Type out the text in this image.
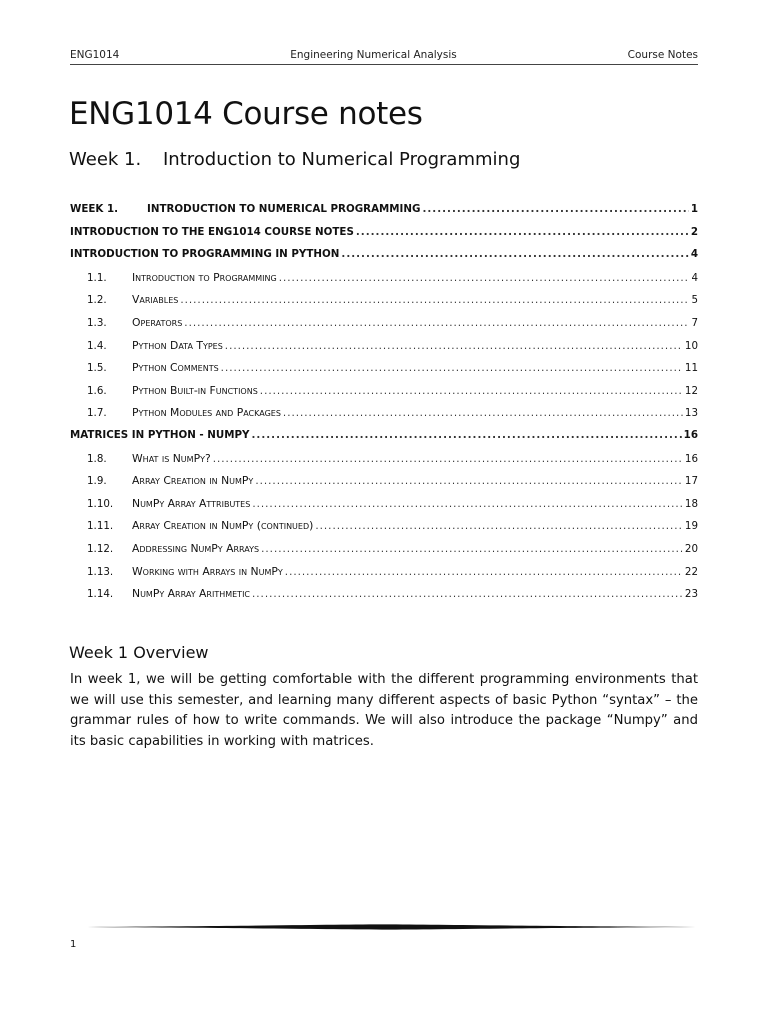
ENG1014	Engineering Numerical Analysis	Course Notes
ENG1014 Course notes
Week 1. Introduction to Numerical Programming
WEEK 1.	INTRODUCTION TO NUMERICAL PROGRAMMING .....	1
INTRODUCTION TO THE ENG1014 COURSE NOTES .....	2
INTRODUCTION TO PROGRAMMING IN PYTHON .....	4
1.1.	Introduction to Programming .....	4
1.2.	Variables .....	5
1.3.	Operators .....	7
1.4.	Python Data Types .....	10
1.5.	Python Comments .....	11
1.6.	Python Built-in Functions .....	12
1.7.	Python Modules and Packages .....	13
MATRICES IN PYTHON - NUMPY .....	16
1.8.	What is NumPy? .....	16
1.9.	Array Creation in NumPy .....	17
1.10.	NumPy Array Attributes .....	18
1.11.	Array Creation in NumPy (continued) .....	19
1.12.	Addressing NumPy Arrays .....	20
1.13.	Working with Arrays in NumPy .....	22
1.14.	NumPy Array Arithmetic .....	23
Week 1 Overview

In week 1, we will be getting comfortable with the different programming environments that we will use this semester, and learning many different aspects of basic Python “syntax” – the grammar rules of how to write commands. We will also introduce the package “Numpy” and its basic capabilities in working with matrices.

1
